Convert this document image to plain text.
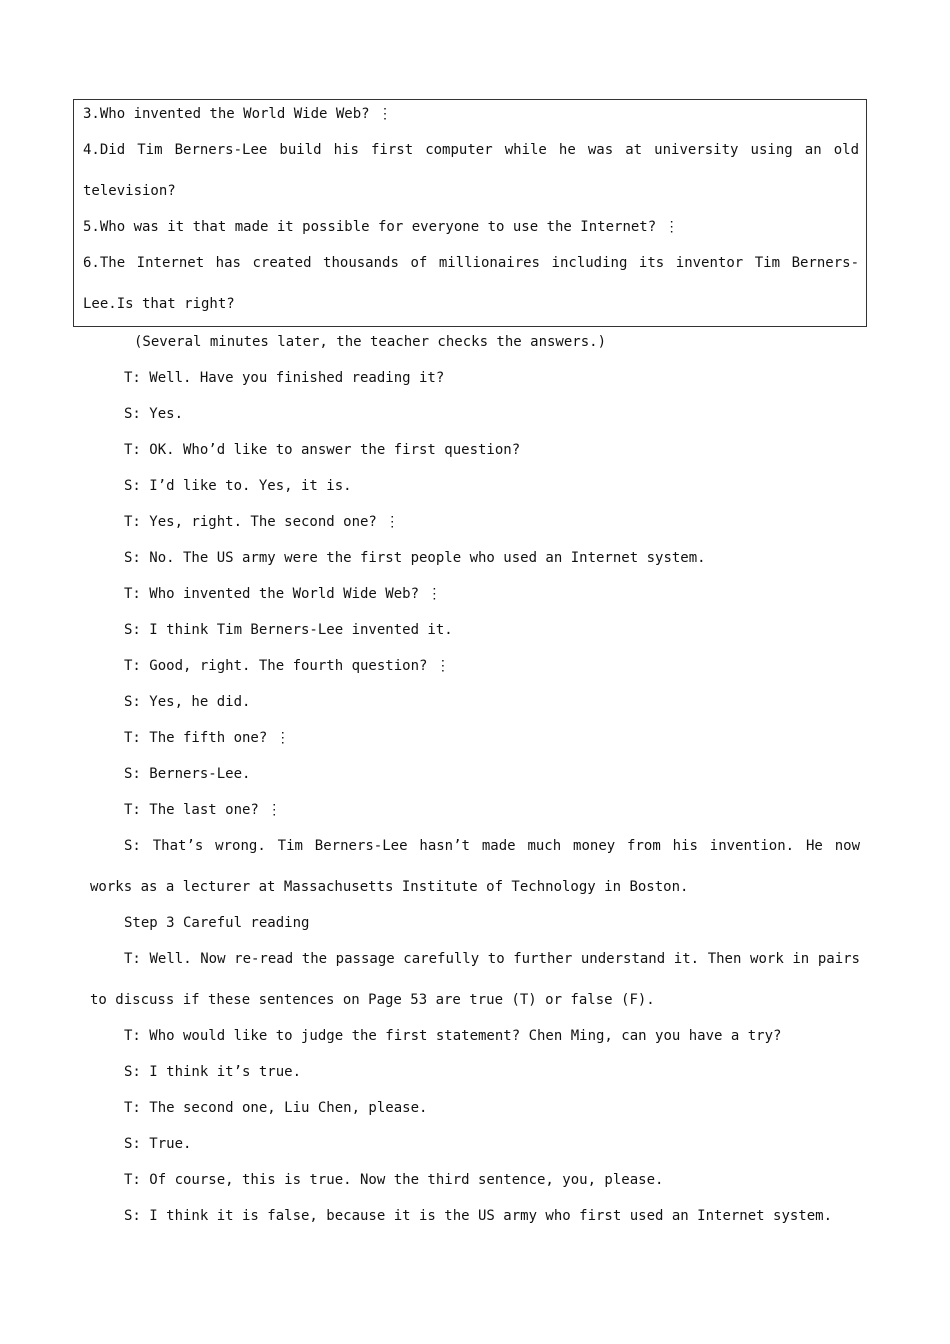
3.Who invented the World Wide Web? ⋮
4.Did Tim Berners-Lee build his first computer while he was at university using an old
television?
5.Who was it that made it possible for everyone to use the Internet? ⋮
6.The Internet has created thousands of millionaires including its inventor Tim Berners-
Lee.Is that right?
(Several minutes later, the teacher checks the answers.)
T: Well. Have you finished reading it?
S: Yes.
T: OK. Who’d like to answer the first question?
S: I’d like to. Yes, it is.
T: Yes, right. The second one? ⋮
S: No. The US army were the first people who used an Internet system.
T: Who invented the World Wide Web? ⋮
S: I think Tim Berners-Lee invented it.
T: Good, right. The fourth question? ⋮
S: Yes, he did.
T: The fifth one? ⋮
S: Berners-Lee.
T: The last one? ⋮
S: That’s wrong. Tim Berners-Lee hasn’t made much money from his invention. He now
works as a lecturer at Massachusetts Institute of Technology in Boston.
Step 3 Careful reading
T: Well. Now re-read the passage carefully to further understand it. Then work in pairs
to discuss if these sentences on Page 53 are true (T) or false (F).
T: Who would like to judge the first statement? Chen Ming, can you have a try?
S: I think it’s true.
T: The second one, Liu Chen, please.
S: True.
T: Of course, this is true. Now the third sentence, you, please.
S: I think it is false, because it is the US army who first used an Internet system.
